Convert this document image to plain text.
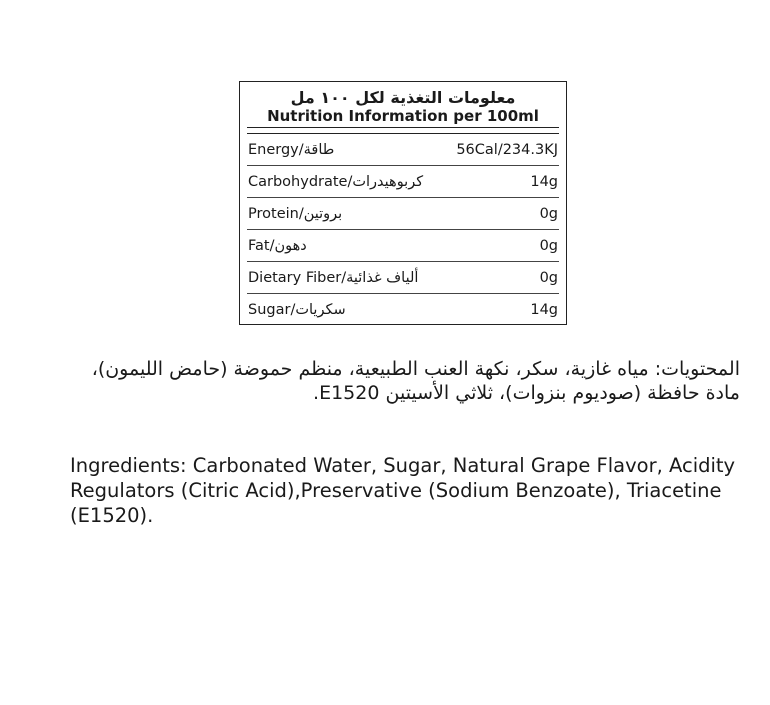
معلومات التغذية لكل ١٠٠ مل
Nutrition Information per 100ml
Energy/طاقة	56Cal/234.3KJ
Carbohydrate/كربوهيدرات	14g
Protein/بروتين	0g
Fat/دهون	0g
Dietary Fiber/ألياف غذائية	0g
Sugar/سكريات	14g

المحتويات: مياه غازية، سكر، نكهة العنب الطبيعية، منظم حموضة (حامض الليمون)، مادة حافظة (صوديوم بنزوات)، ثلاثي الأسيتين E1520.

Ingredients: Carbonated Water, Sugar, Natural Grape Flavor, Acidity Regulators (Citric Acid),Preservative (Sodium Benzoate), Triacetine (E1520).
